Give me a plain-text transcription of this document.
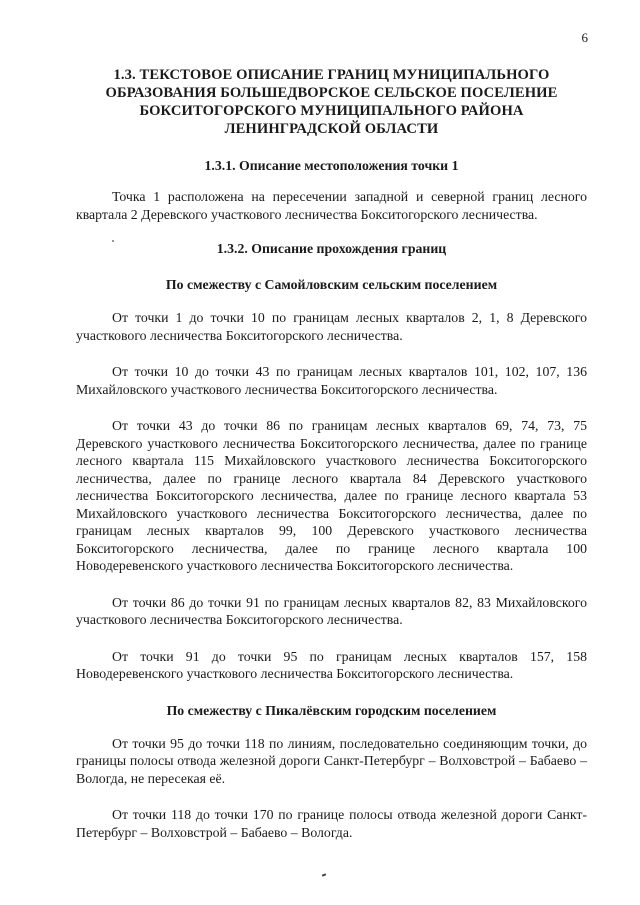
6
1.3. ТЕКСТОВОЕ ОПИСАНИЕ ГРАНИЦ МУНИЦИПАЛЬНОГО
ОБРАЗОВАНИЯ БОЛЬШЕДВОРСКОЕ СЕЛЬСКОЕ ПОСЕЛЕНИЕ
БОКСИТОГОРСКОГО МУНИЦИПАЛЬНОГО РАЙОНА
ЛЕНИНГРАДСКОЙ ОБЛАСТИ
1.3.1. Описание местоположения точки 1

Точка 1 расположена на пересечении западной и северной границ лесного квартала 2 Деревского участкового лесничества Бокситогорского лесничества.

1.3.2. Описание прохождения границ
По смежеству с Самойловским сельским поселением

От точки 1 до точки 10 по границам лесных кварталов 2, 1, 8 Деревского участкового лесничества Бокситогорского лесничества.

От точки 10 до точки 43 по границам лесных кварталов 101, 102, 107, 136 Михайловского участкового лесничества Бокситогорского лесничества.

От точки 43 до точки 86 по границам лесных кварталов 69, 74, 73, 75 Деревского участкового лесничества Бокситогорского лесничества, далее по границе лесного квартала 115 Михайловского участкового лесничества Бокситогорского лесничества, далее по границе лесного квартала 84 Деревского участкового лесничества Бокситогорского лесничества, далее по границе лесного квартала 53 Михайловского участкового лесничества Бокситогорского лесничества, далее по границам лесных кварталов 99, 100 Деревского участкового лесничества Бокситогорского лесничества, далее по границе лесного квартала 100 Новодеревенского участкового лесничества Бокситогорского лесничества.

От точки 86 до точки 91 по границам лесных кварталов 82, 83 Михайловского участкового лесничества Бокситогорского лесничества.

От точки 91 до точки 95 по границам лесных кварталов 157, 158 Новодеревенского участкового лесничества Бокситогорского лесничества.

По смежеству с Пикалёвским городским поселением

От точки 95 до точки 118 по линиям, последовательно соединяющим точки, до границы полосы отвода железной дороги Санкт-Петербург – Волховстрой – Бабаево – Вологда, не пересекая её.

От точки 118 до точки 170 по границе полосы отвода железной дороги Санкт-Петербург – Волховстрой – Бабаево – Вологда.
